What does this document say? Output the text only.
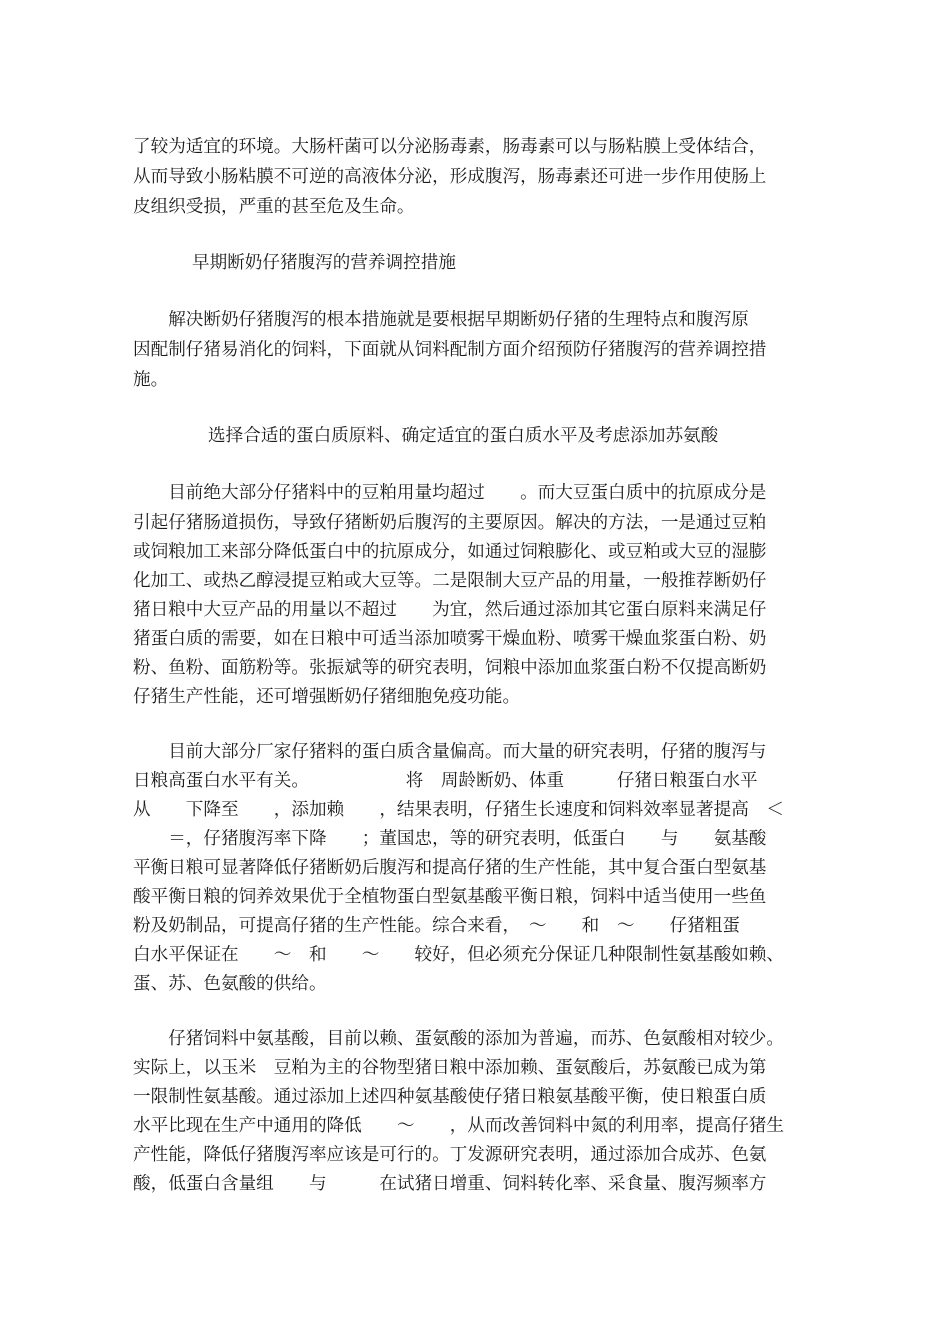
了较为适宜的环境。大肠杆菌可以分泌肠毒素，肠毒素可以与肠粘膜上受体结合，
从而导致小肠粘膜不可逆的高液体分泌，形成腹泻，肠毒素还可进一步作用使肠上
皮组织受损，严重的甚至危及生命。
早期断奶仔猪腹泻的营养调控措施
　　解决断奶仔猪腹泻的根本措施就是要根据早期断奶仔猪的生理特点和腹泻原
因配制仔猪易消化的饲料，下面就从饲料配制方面介绍预防仔猪腹泻的营养调控措
施。
选择合适的蛋白质原料、确定适宜的蛋白质水平及考虑添加苏氨酸
　　目前绝大部分仔猪料中的豆粕用量均超过　　。而大豆蛋白质中的抗原成分是
引起仔猪肠道损伤，导致仔猪断奶后腹泻的主要原因。解决的方法，一是通过豆粕
或饲粮加工来部分降低蛋白中的抗原成分，如通过饲粮膨化、或豆粕或大豆的湿膨
化加工、或热乙醇浸提豆粕或大豆等。二是限制大豆产品的用量，一般推荐断奶仔
猪日粮中大豆产品的用量以不超过　　为宜，然后通过添加其它蛋白原料来满足仔
猪蛋白质的需要，如在日粮中可适当添加喷雾干燥血粉、喷雾干燥血浆蛋白粉、奶
粉、鱼粉、面筋粉等。张振斌等的研究表明，饲粮中添加血浆蛋白粉不仅提高断奶
仔猪生产性能，还可增强断奶仔猪细胞免疫功能。
　　目前大部分厂家仔猪料的蛋白质含量偏高。而大量的研究表明，仔猪的腹泻与
日粮高蛋白水平有关。　　　　　　将　周龄断奶、体重　　　仔猪日粮蛋白水平
从　　下降至　　，添加赖　　，结果表明，仔猪生长速度和饲料效率显著提高　＜
　　＝，仔猪腹泻率下降　　；董国忠，等的研究表明，低蛋白　　与　　氨基酸
平衡日粮可显著降低仔猪断奶后腹泻和提高仔猪的生产性能，其中复合蛋白型氨基
酸平衡日粮的饲养效果优于全植物蛋白型氨基酸平衡日粮，饲料中适当使用一些鱼
粉及奶制品，可提高仔猪的生产性能。综合来看，　～　　和　～　　仔猪粗蛋
白水平保证在　　～　和　　～　　较好，但必须充分保证几种限制性氨基酸如赖、
蛋、苏、色氨酸的供给。
　　仔猪饲料中氨基酸，目前以赖、蛋氨酸的添加为普遍，而苏、色氨酸相对较少。
实际上，以玉米　豆粕为主的谷物型猪日粮中添加赖、蛋氨酸后，苏氨酸已成为第
一限制性氨基酸。通过添加上述四种氨基酸使仔猪日粮氨基酸平衡，使日粮蛋白质
水平比现在生产中通用的降低　　～　　，从而改善饲料中氮的利用率，提高仔猪生
产性能，降低仔猪腹泻率应该是可行的。丁发源研究表明，通过添加合成苏、色氨
酸，低蛋白含量组　　与　　　在试猪日增重、饲料转化率、采食量、腹泻频率方
